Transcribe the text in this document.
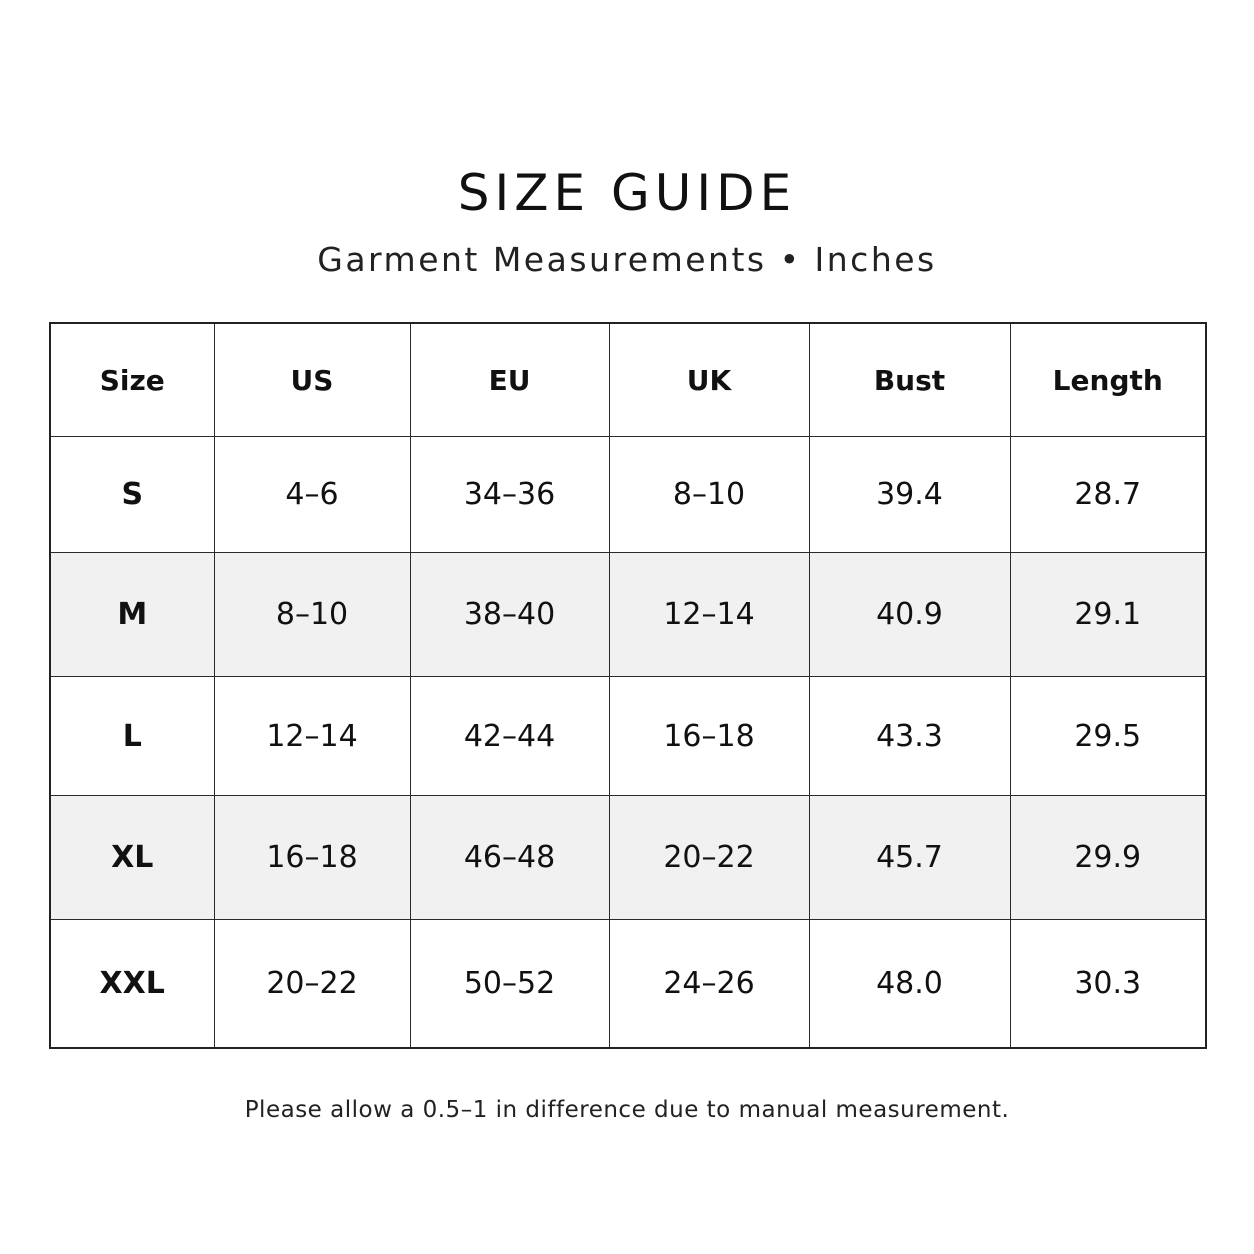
SIZE GUIDE
Garment Measurements • Inches
Size	US	EU	UK	Bust	Length
S	4–6	34–36	8–10	39.4	28.7
M	8–10	38–40	12–14	40.9	29.1
L	12–14	42–44	16–18	43.3	29.5
XL	16–18	46–48	20–22	45.7	29.9
XXL	20–22	50–52	24–26	48.0	30.3
Please allow a 0.5–1 in difference due to manual measurement.
